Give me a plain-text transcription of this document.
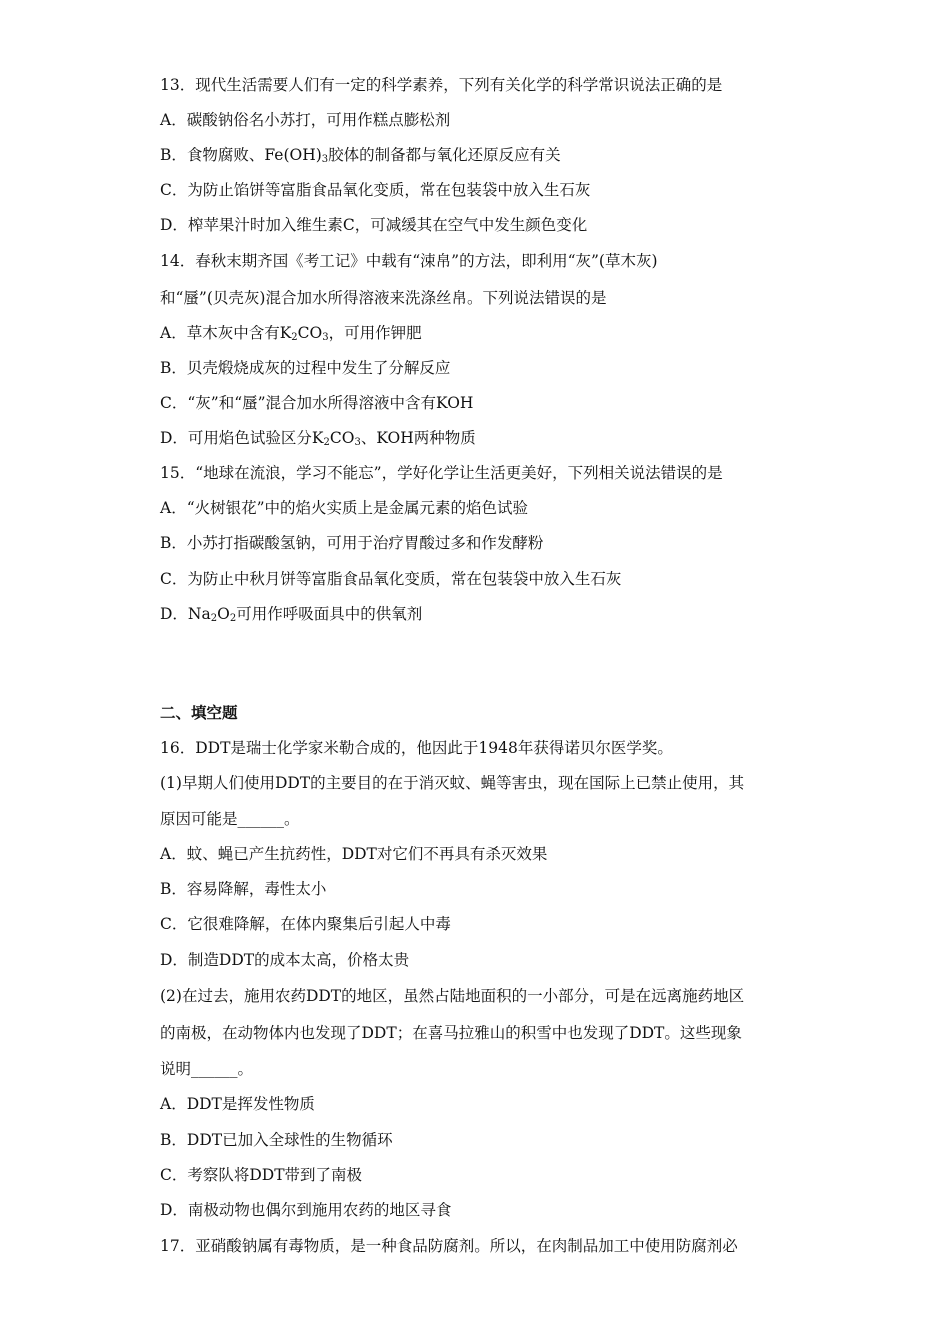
13．现代生活需要人们有一定的科学素养，下列有关化学的科学常识说法正确的是
A．碳酸钠俗名小苏打，可用作糕点膨松剂
B．食物腐败、$Fe(OH)_3$胶体的制备都与氧化还原反应有关
C．为防止馅饼等富脂食品氧化变质，常在包装袋中放入生石灰
D．榨苹果汁时加入维生素C，可减缓其在空气中发生颜色变化
14．春秋末期齐国《考工记》中载有“涑帛”的方法，即利用“灰”(草木灰)
和“蜃”(贝壳灰)混合加水所得溶液来洗涤丝帛。下列说法错误的是
A．草木灰中含有$K_2CO_3$，可用作钾肥
B．贝壳煅烧成灰的过程中发生了分解反应
C．“灰”和“蜃”混合加水所得溶液中含有KOH
D．可用焰色试验区分$K_2CO_3$、KOH两种物质
15．“地球在流浪，学习不能忘”，学好化学让生活更美好，下列相关说法错误的是
A．“火树银花”中的焰火实质上是金属元素的焰色试验
B．小苏打指碳酸氢钠，可用于治疗胃酸过多和作发酵粉
C．为防止中秋月饼等富脂食品氧化变质，常在包装袋中放入生石灰
D．$Na_2O_2$可用作呼吸面具中的供氧剂
二、填空题
16．DDT是瑞士化学家米勒合成的，他因此于1948年获得诺贝尔医学奖。
(1)早期人们使用DDT的主要目的在于消灭蚊、蝇等害虫，现在国际上已禁止使用，其
原因可能是______。
A．蚊、蝇已产生抗药性，DDT对它们不再具有杀灭效果
B．容易降解，毒性太小
C．它很难降解，在体内聚集后引起人中毒
D．制造DDT的成本太高，价格太贵
(2)在过去，施用农药DDT的地区，虽然占陆地面积的一小部分，可是在远离施药地区
的南极，在动物体内也发现了DDT；在喜马拉雅山的积雪中也发现了DDT。这些现象
说明______。
A．DDT是挥发性物质
B．DDT已加入全球性的生物循环
C．考察队将DDT带到了南极
D．南极动物也偶尔到施用农药的地区寻食
17．亚硝酸钠属有毒物质，是一种食品防腐剂。所以，在肉制品加工中使用防腐剂必
